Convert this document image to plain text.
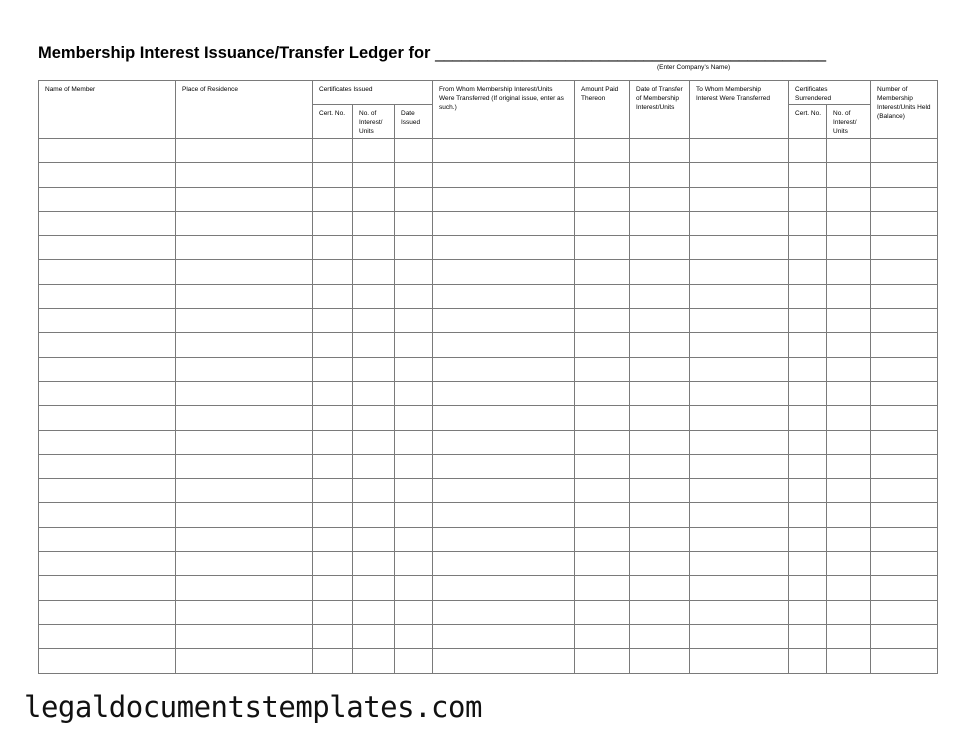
Membership Interest Issuance/Transfer Ledger for _____________________________________________
(Enter Company’s Name)
Name of Member	Place of Residence	Certificates Issued			From Whom Membership Interest/Units Were Transferred (If original issue, enter as such.)	Amount Paid Thereon	Date of Transfer of Membership Interest/Units	To Whom Membership Interest Were Transferred	Certificates Surrendered		Number of Membership Interest/Units Held (Balance)
		Cert. No.	No. of Interest/ Units	Date Issued					Cert. No.	No. of Interest/ Units	

legaldocumentstemplates.com
